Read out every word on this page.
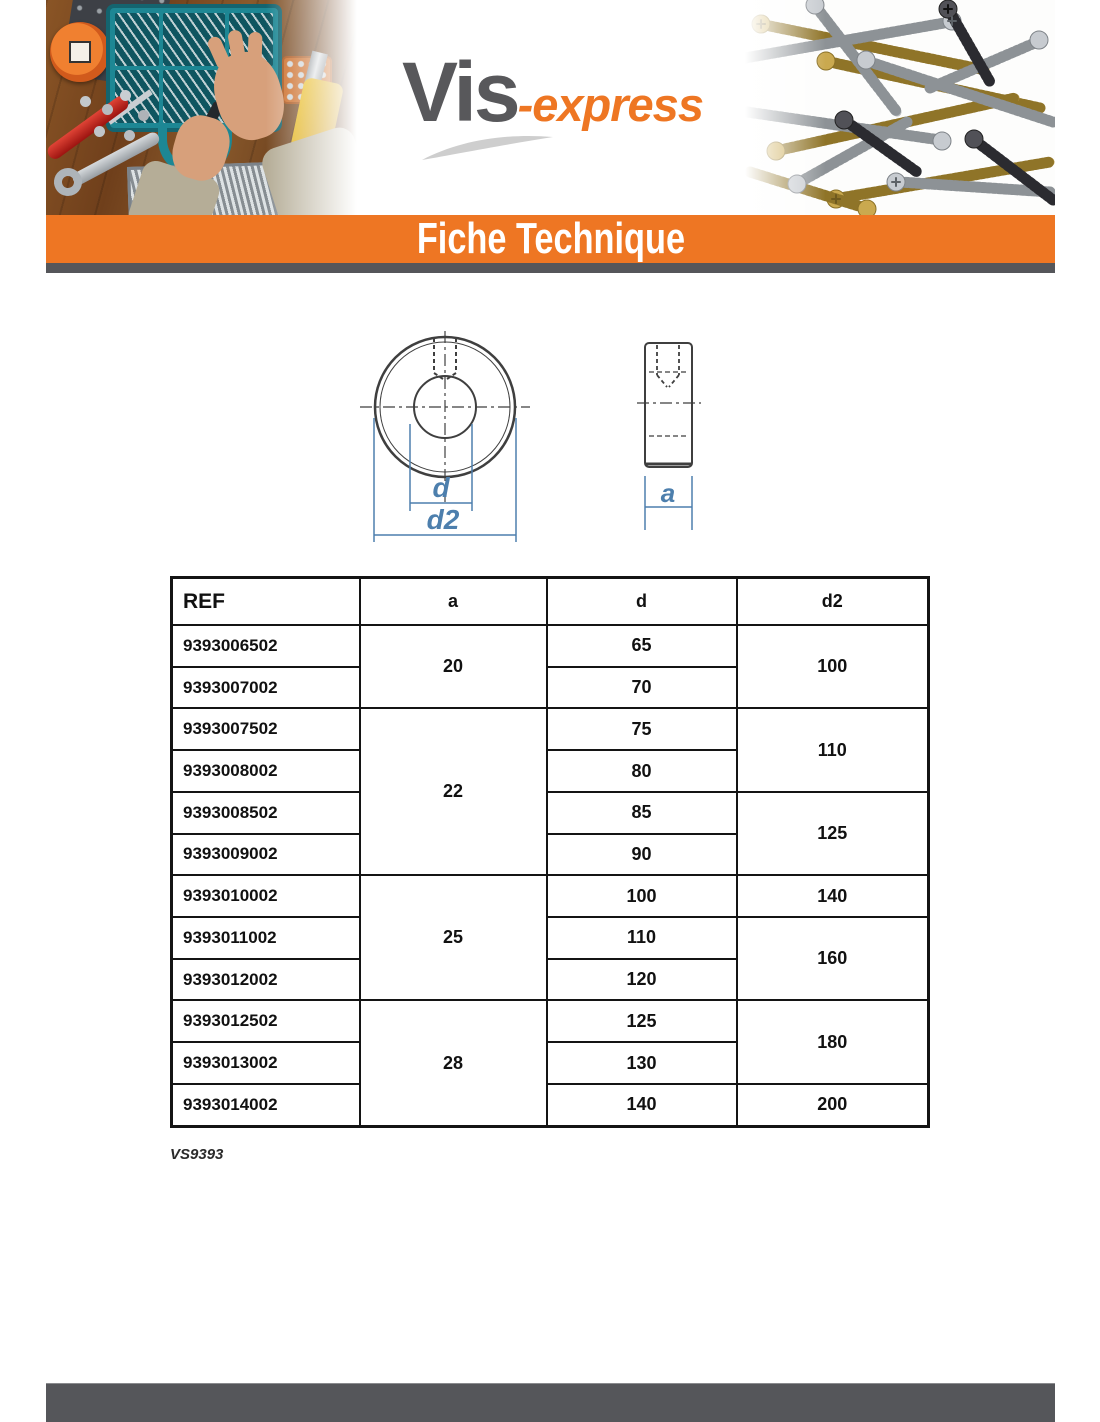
Vis-express
Fiche Technique
d
d2
a
REF	a	d	d2
9393006502	20	65	100
9393007002		70	
9393007502	22	75	110
9393008002		80	
9393008502		85	125
9393009002		90	
9393010002	25	100	140
9393011002		110	160
9393012002		120	
9393012502	28	125	180
9393013002		130	
9393014002		140	200
VS9393
